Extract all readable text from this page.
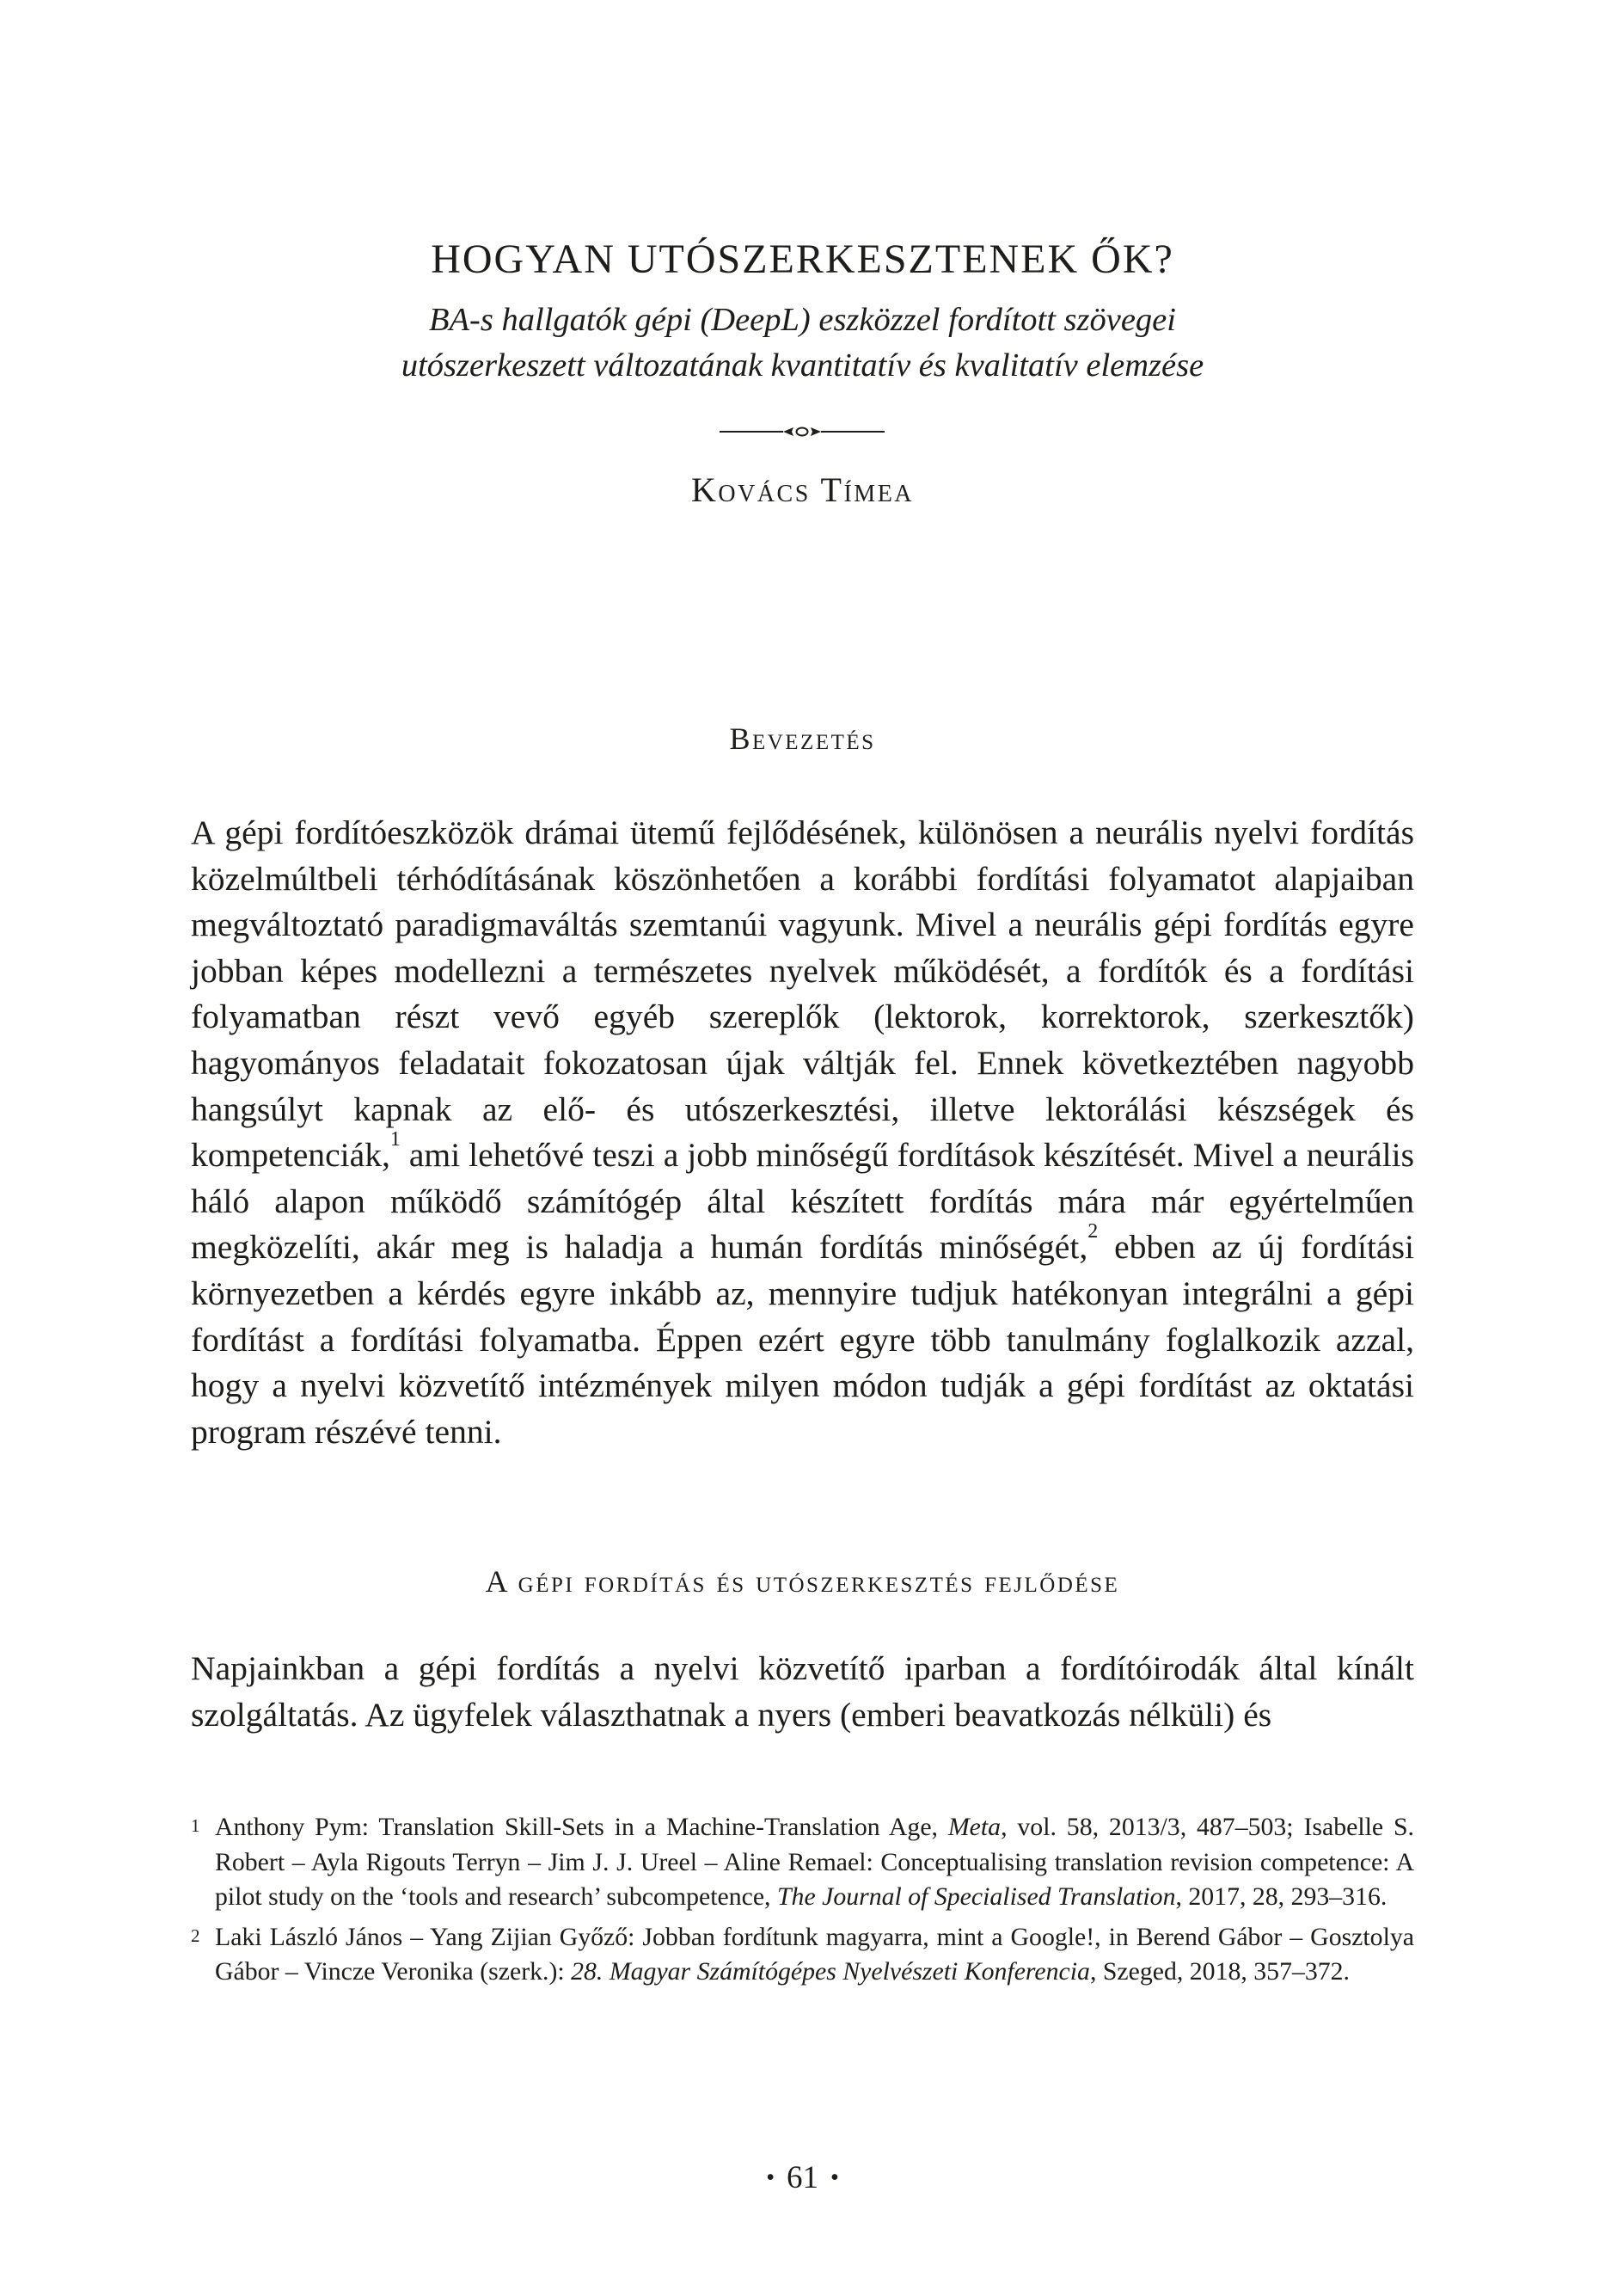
HOGYAN UTÓSZERKESZTENEK ŐK?
BA-s hallgatók gépi (DeepL) eszközzel fordított szövegei
utószerkeszett változatának kvantitatív és kvalitatív elemzése
Kovács Tímea
Bevezetés

A gépi fordítóeszközök drámai ütemű fejlődésének, különösen a neurális nyelvi fordítás közelmúltbeli térhódításának köszönhetően a korábbi fordítási folyamatot alapjaiban megváltoztató paradigmaváltás szemtanúi vagyunk. Mivel a neurális gépi fordítás egyre jobban képes modellezni a természetes nyelvek működését, a fordítók és a fordítási folyamatban részt vevő egyéb szereplők (lektorok, korrektorok, szerkesztők) hagyományos feladatait fokozatosan újak váltják fel. Ennek következtében nagyobb hangsúlyt kapnak az elő- és utószerkesztési, illetve lektorálási készségek és kompetenciák,$^1$ ami lehetővé teszi a jobb minőségű fordítások készítését. Mivel a neurális háló alapon működő számítógép által készített fordítás mára már egyértelműen megközelíti, akár meg is haladja a humán fordítás minőségét,$^2$ ebben az új fordítási környezetben a kérdés egyre inkább az, mennyire tudjuk hatékonyan integrálni a gépi fordítást a fordítási folyamatba. Éppen ezért egyre több tanulmány foglalkozik azzal, hogy a nyelvi közvetítő intézmények milyen módon tudják a gépi fordítást az oktatási program részévé tenni.

A gépi fordítás és utószerkesztés fejlődése

Napjainkban a gépi fordítás a nyelvi közvetítő iparban a fordítóirodák által kínált szolgáltatás. Az ügyfelek választhatnak a nyers (emberi beavatkozás nélküli) és

1 Anthony Pym: Translation Skill-Sets in a Machine-Translation Age, Meta, vol. 58, 2013/3, 487–503; Isabelle S. Robert – Ayla Rigouts Terryn – Jim J. J. Ureel – Aline Remael: Conceptualising translation revision competence: A pilot study on the ‘tools and research’ subcompetence, The Journal of Specialised Translation, 2017, 28, 293–316.

2 Laki László János – Yang Zijian Győző: Jobban fordítunk magyarra, mint a Google!, in Berend Gábor – Gosztolya Gábor – Vincze Veronika (szerk.): 28. Magyar Számítógépes Nyelvészeti Konferencia, Szeged, 2018, 357–372.

• 61 •
